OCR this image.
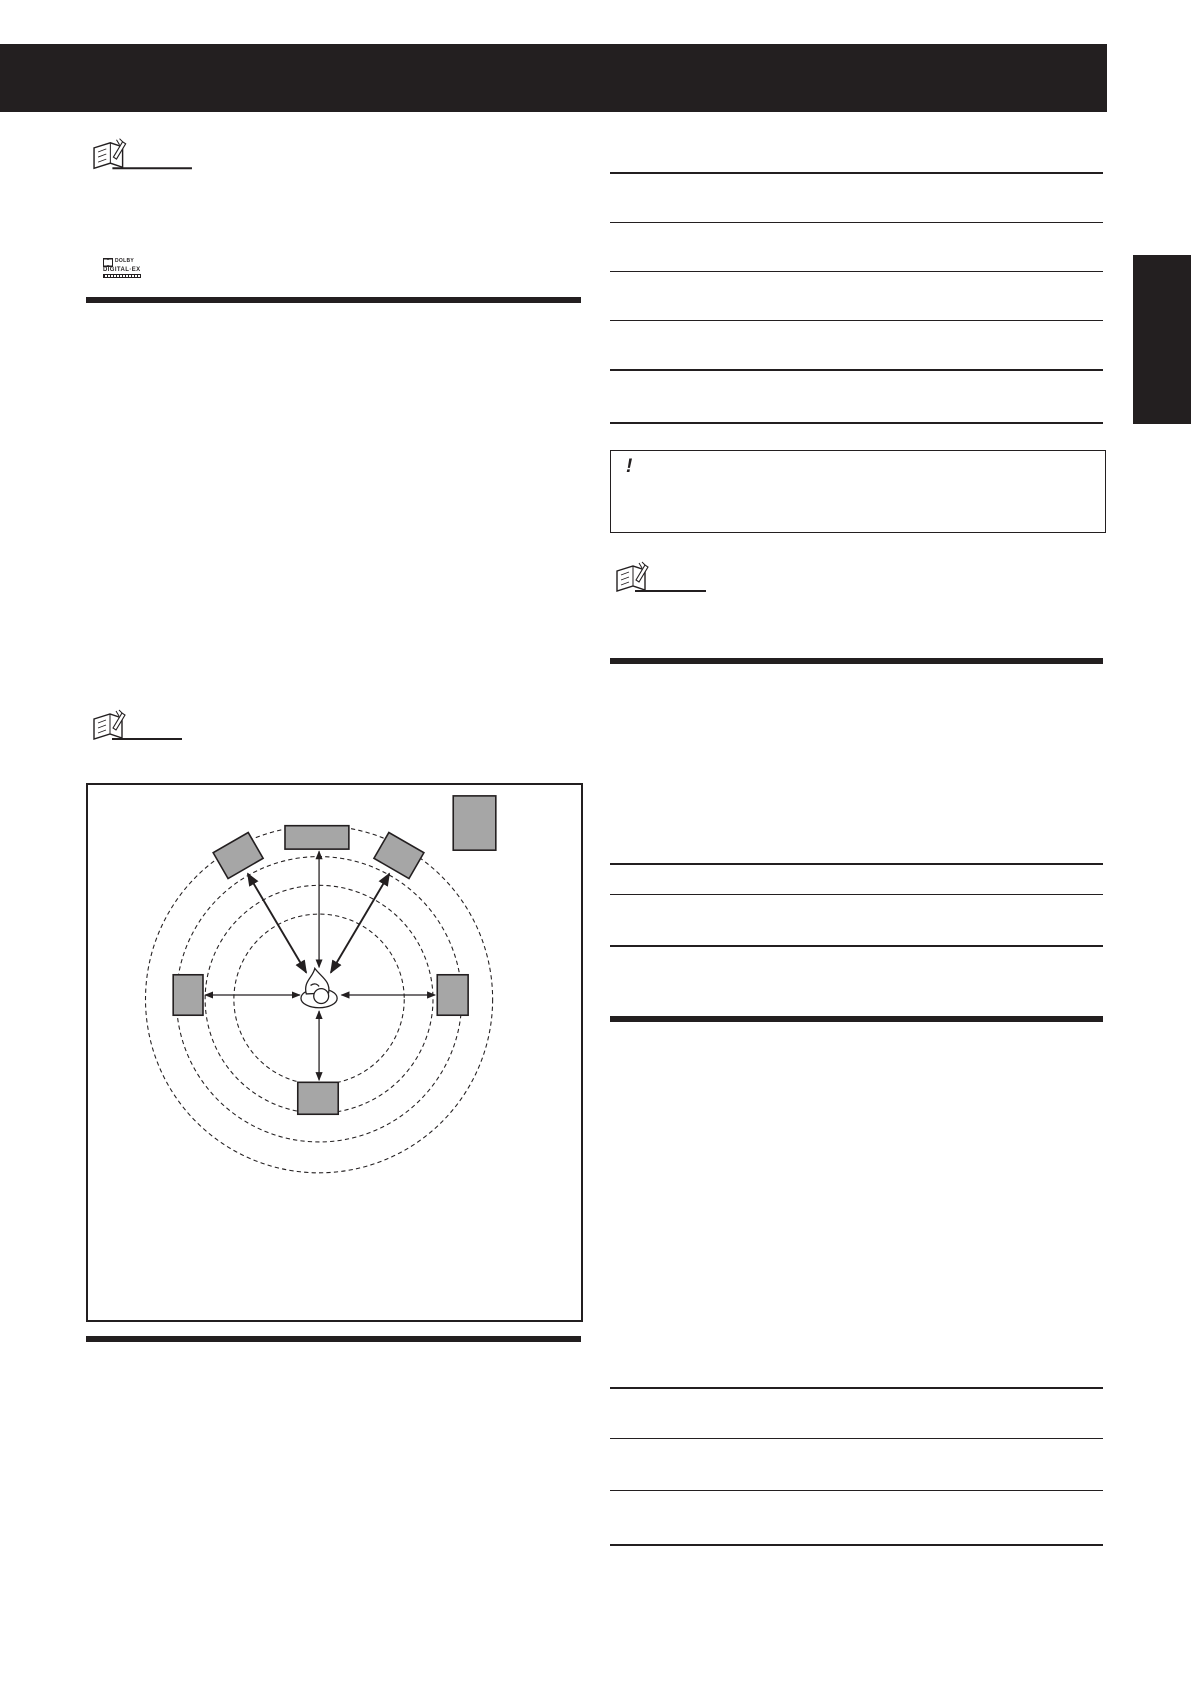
DOLBY
DIGITAL·EX
!
